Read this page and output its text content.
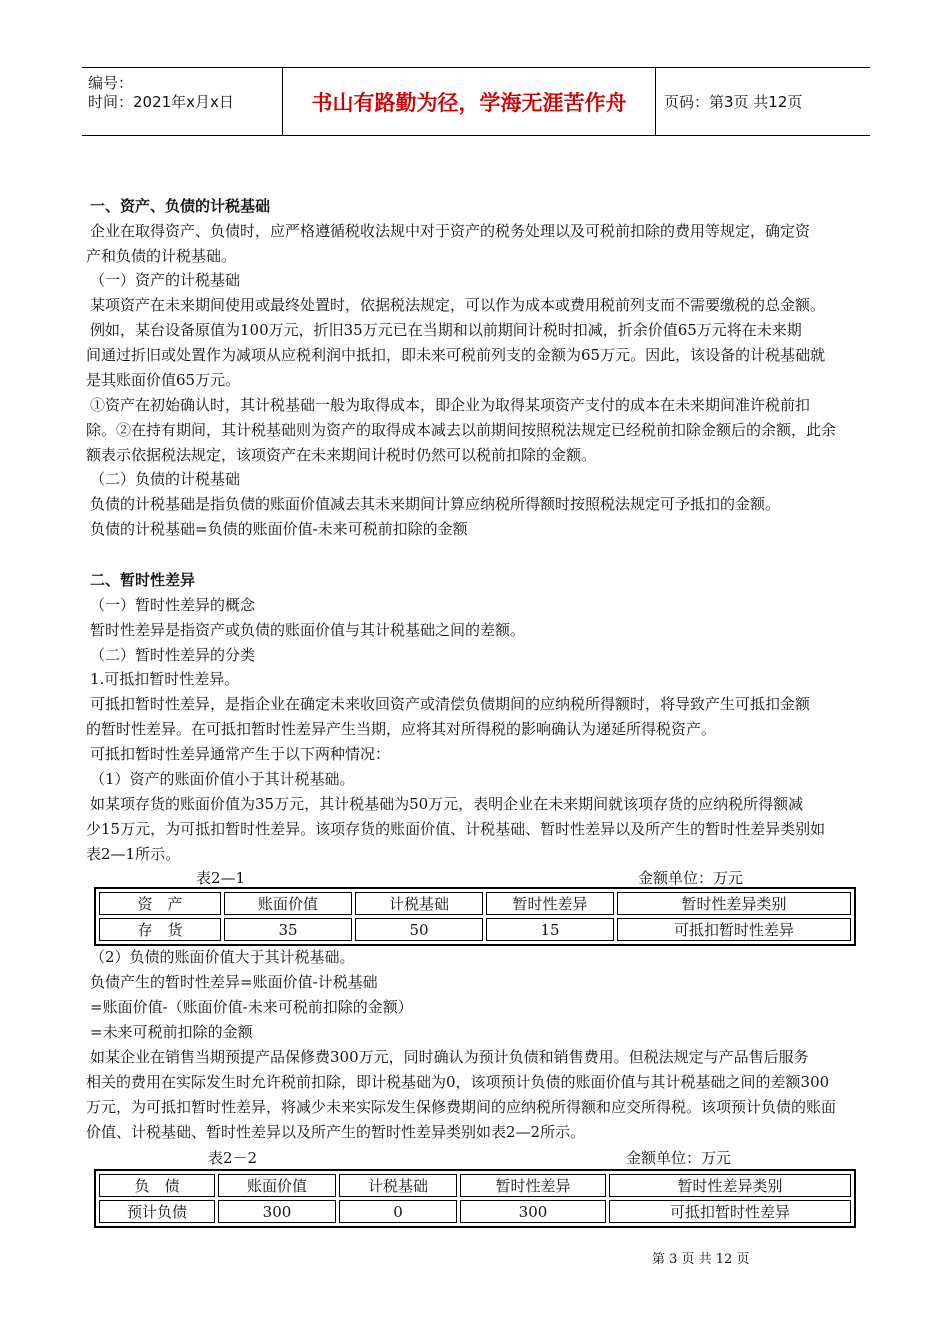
编号：
时间：2021年x月x日	书山有路勤为径，学海无涯苦作舟	页码：第3页 共12页
一、资产、负债的计税基础
企业在取得资产、负债时，应严格遵循税收法规中对于资产的税务处理以及可税前扣除的费用等规定，确定资
产和负债的计税基础。
（一）资产的计税基础
某项资产在未来期间使用或最终处置时，依据税法规定，可以作为成本或费用税前列支而不需要缴税的总金额。
例如，某台设备原值为100万元，折旧35万元已在当期和以前期间计税时扣减，折余价值65万元将在未来期
间通过折旧或处置作为减项从应税利润中抵扣，即未来可税前列支的金额为65万元。因此，该设备的计税基础就
是其账面价值65万元。
①资产在初始确认时，其计税基础一般为取得成本，即企业为取得某项资产支付的成本在未来期间准许税前扣
除。②在持有期间，其计税基础则为资产的取得成本减去以前期间按照税法规定已经税前扣除金额后的余额，此余
额表示依据税法规定，该项资产在未来期间计税时仍然可以税前扣除的金额。
（二）负债的计税基础
负债的计税基础是指负债的账面价值减去其未来期间计算应纳税所得额时按照税法规定可予抵扣的金额。
负债的计税基础=负债的账面价值-未来可税前扣除的金额
二、暂时性差异
（一）暂时性差异的概念
暂时性差异是指资产或负债的账面价值与其计税基础之间的差额。
（二）暂时性差异的分类
1.可抵扣暂时性差异。
可抵扣暂时性差异，是指企业在确定未来收回资产或清偿负债期间的应纳税所得额时，将导致产生可抵扣金额
的暂时性差异。在可抵扣暂时性差异产生当期，应将其对所得税的影响确认为递延所得税资产。
可抵扣暂时性差异通常产生于以下两种情况：
（1）资产的账面价值小于其计税基础。
如某项存货的账面价值为35万元，其计税基础为50万元，表明企业在未来期间就该项存货的应纳税所得额减
少15万元，为可抵扣暂时性差异。该项存货的账面价值、计税基础、暂时性差异以及所产生的暂时性差异类别如
表2—1所示。
表2—1	金额单位：万元
资　产	账面价值	计税基础	暂时性差异	暂时性差异类别
存　货	35	50	15	可抵扣暂时性差异
（2）负债的账面价值大于其计税基础。
负债产生的暂时性差异=账面价值-计税基础
=账面价值-（账面价值-未来可税前扣除的金额）
=未来可税前扣除的金额
如某企业在销售当期预提产品保修费300万元，同时确认为预计负债和销售费用。但税法规定与产品售后服务
相关的费用在实际发生时允许税前扣除，即计税基础为0，该项预计负债的账面价值与其计税基础之间的差额300
万元，为可抵扣暂时性差异，将减少未来实际发生保修费期间的应纳税所得额和应交所得税。该项预计负债的账面
价值、计税基础、暂时性差异以及所产生的暂时性差异类别如表2—2所示。
表2－2	金额单位：万元
负　债	账面价值	计税基础	暂时性差异	暂时性差异类别
预计负债	300	0	300	可抵扣暂时性差异
第 3 页 共 12 页
